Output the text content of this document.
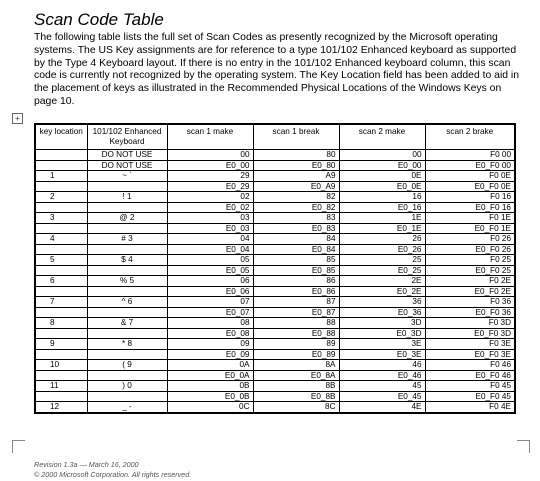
Scan Code Table

The following table lists the full set of Scan Codes as presently recognized by the Microsoft operating systems. The US Key assignments are for reference to a type 101/102 Enhanced keyboard as supported by the Type 4 Keyboard layout. If there is no entry in the 101/102 Enhanced keyboard column, this scan code is currently not recognized by the operating system. The Key Location field has been added to aid in the placement of keys as illustrated in the Recommended Physical Locations of the Windows Keys on page 10.

+
key location	101/102 Enhanced Keyboard	scan 1 make	scan 1 break	scan 2 make	scan 2 brake
	DO NOT USE	00	80	00	F0 00
	DO NOT USE	E0_00	E0_80	E0_00	E0_F0 00
1	~ `	29	A9	0E	F0 0E
		E0_29	E0_A9	E0_0E	E0_F0 0E
2	! 1	02	82	16	F0 16
		E0_02	E0_82	E0_16	E0_F0 16
3	@ 2	03	83	1E	F0 1E
		E0_03	E0_83	E0_1E	E0_F0 1E
4	# 3	04	84	26	F0 26
		E0_04	E0_84	E0_26	E0_F0 26
5	$ 4	05	85	25	F0 25
		E0_05	E0_85	E0_25	E0_F0 25
6	% 5	06	86	2E	F0 2E
		E0_06	E0_86	E0_2E	E0_F0 2E
7	^ 6	07	87	36	F0 36
		E0_07	E0_87	E0_36	E0_F0 36
8	& 7	08	88	3D	F0 3D
		E0_08	E0_88	E0_3D	E0_F0 3D
9	* 8	09	89	3E	F0 3E
		E0_09	E0_89	E0_3E	E0_F0 3E
10	( 9	0A	8A	46	F0 46
		E0_0A	E0_8A	E0_46	E0_F0 46
11	) 0	0B	8B	45	F0 45
		E0_0B	E0_8B	E0_45	E0_F0 45
12	_ -	0C	8C	4E	F0 4E
Revision 1.3a — March 16, 2000
© 2000 Microsoft Corporation. All rights reserved.
